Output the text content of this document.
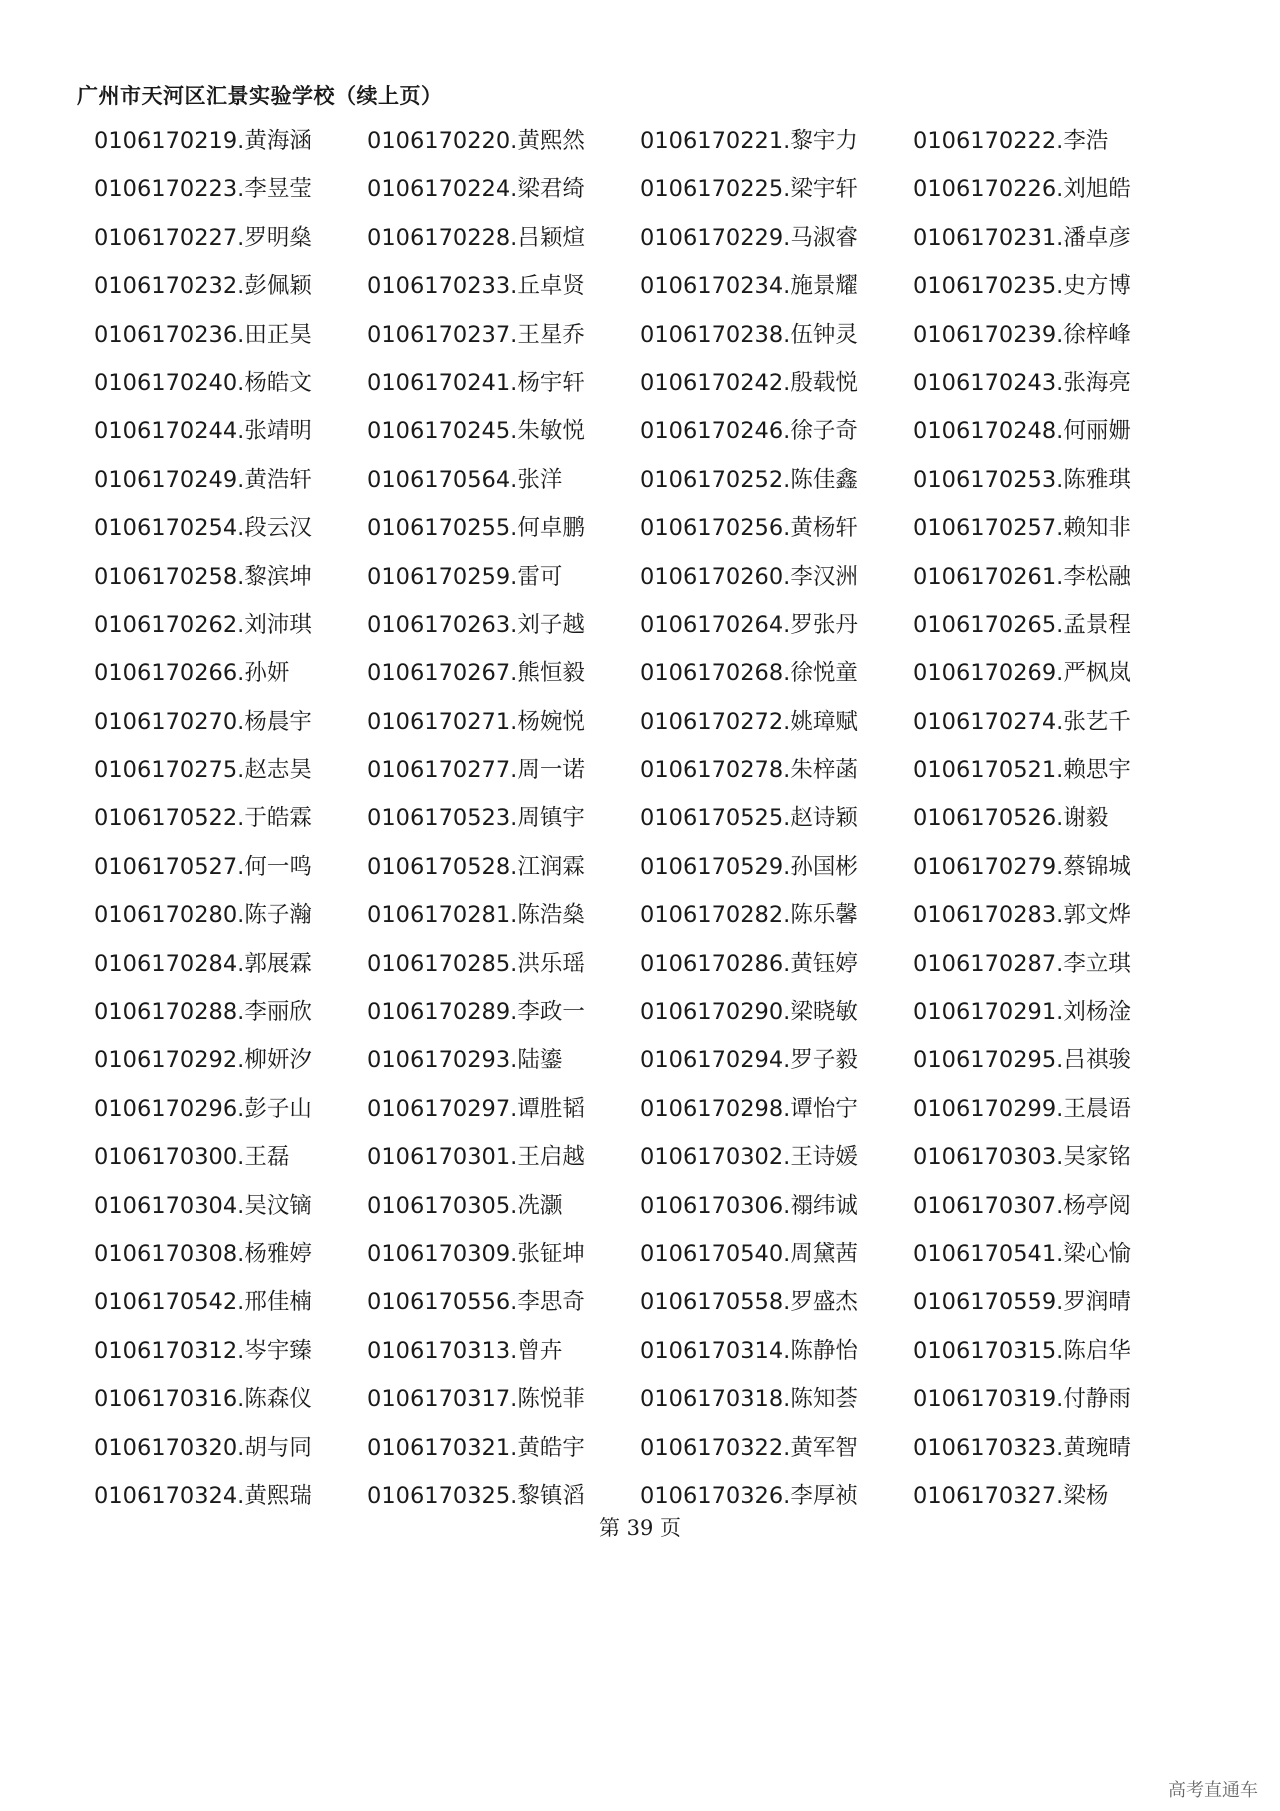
广州市天河区汇景实验学校（续上页）
0106170219.黄海涵	0106170220.黄熙然	0106170221.黎宇力	0106170222.李浩
0106170223.李昱莹	0106170224.梁君绮	0106170225.梁宇轩	0106170226.刘旭皓
0106170227.罗明燊	0106170228.吕颖煊	0106170229.马淑睿	0106170231.潘卓彦
0106170232.彭佩颖	0106170233.丘卓贤	0106170234.施景耀	0106170235.史方博
0106170236.田正昊	0106170237.王星乔	0106170238.伍钟灵	0106170239.徐梓峰
0106170240.杨皓文	0106170241.杨宇轩	0106170242.殷载悦	0106170243.张海亮
0106170244.张靖明	0106170245.朱敏悦	0106170246.徐子奇	0106170248.何丽姗
0106170249.黄浩轩	0106170564.张洋	0106170252.陈佳鑫	0106170253.陈雅琪
0106170254.段云汉	0106170255.何卓鹏	0106170256.黄杨轩	0106170257.赖知非
0106170258.黎滨坤	0106170259.雷可	0106170260.李汉洲	0106170261.李松融
0106170262.刘沛琪	0106170263.刘子越	0106170264.罗张丹	0106170265.孟景程
0106170266.孙妍	0106170267.熊恒毅	0106170268.徐悦童	0106170269.严枫岚
0106170270.杨晨宇	0106170271.杨婉悦	0106170272.姚璋赋	0106170274.张艺千
0106170275.赵志昊	0106170277.周一诺	0106170278.朱梓菡	0106170521.赖思宇
0106170522.于皓霖	0106170523.周镇宇	0106170525.赵诗颖	0106170526.谢毅
0106170527.何一鸣	0106170528.江润霖	0106170529.孙国彬	0106170279.蔡锦城
0106170280.陈子瀚	0106170281.陈浩燊	0106170282.陈乐馨	0106170283.郭文烨
0106170284.郭展霖	0106170285.洪乐瑶	0106170286.黄钰婷	0106170287.李立琪
0106170288.李丽欣	0106170289.李政一	0106170290.梁晓敏	0106170291.刘杨淦
0106170292.柳妍汐	0106170293.陆鎏	0106170294.罗子毅	0106170295.吕祺骏
0106170296.彭子山	0106170297.谭胜韬	0106170298.谭怡宁	0106170299.王晨语
0106170300.王磊	0106170301.王启越	0106170302.王诗媛	0106170303.吴家铭
0106170304.吴汶镝	0106170305.冼灏	0106170306.禤纬诚	0106170307.杨亭阅
0106170308.杨雅婷	0106170309.张钲坤	0106170540.周黛茜	0106170541.梁心愉
0106170542.邢佳楠	0106170556.李思奇	0106170558.罗盛杰	0106170559.罗润晴
0106170312.岑宇臻	0106170313.曾卉	0106170314.陈静怡	0106170315.陈启华
0106170316.陈森仪	0106170317.陈悦菲	0106170318.陈知荟	0106170319.付静雨
0106170320.胡与同	0106170321.黄皓宇	0106170322.黄军智	0106170323.黄琬晴
0106170324.黄熙瑞	0106170325.黎镇滔	0106170326.李厚祯	0106170327.梁杨
第 39 页
高考直通车
